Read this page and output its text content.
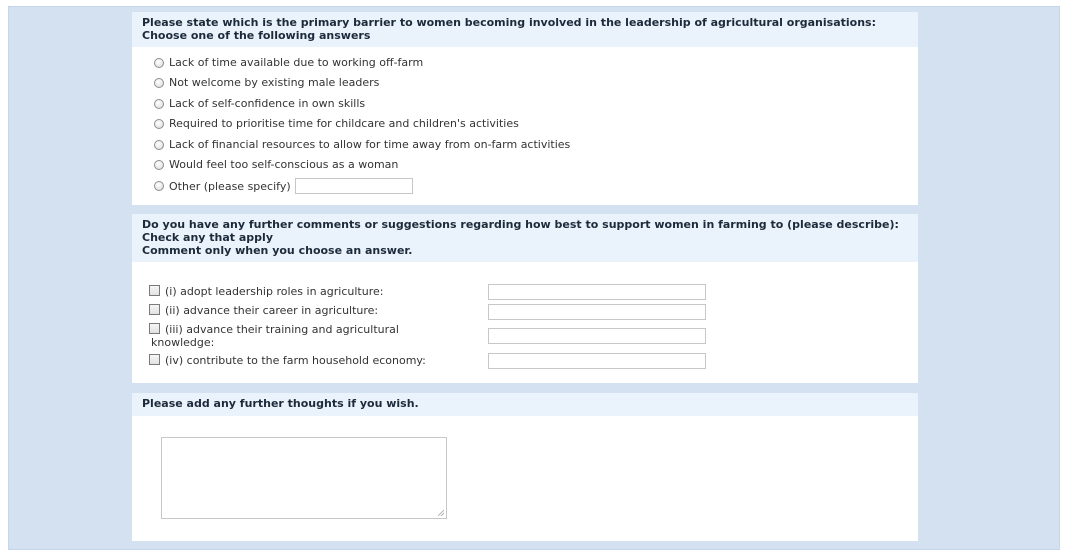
Please state which is the primary barrier to women becoming involved in the leadership of agricultural organisations:
Choose one of the following answers
Lack of time available due to working off-farm
Not welcome by existing male leaders
Lack of self-confidence in own skills
Required to prioritise time for childcare and children's activities
Lack of financial resources to allow for time away from on-farm activities
Would feel too self-conscious as a woman
Other (please specify)
Do you have any further comments or suggestions regarding how best to support women in farming to (please describe):
Check any that apply
Comment only when you choose an answer.
(i) adopt leadership roles in agriculture:
(ii) advance their career in agriculture:
(iii) advance their training and agricultural
knowledge:
(iv) contribute to the farm household economy:
Please add any further thoughts if you wish.
